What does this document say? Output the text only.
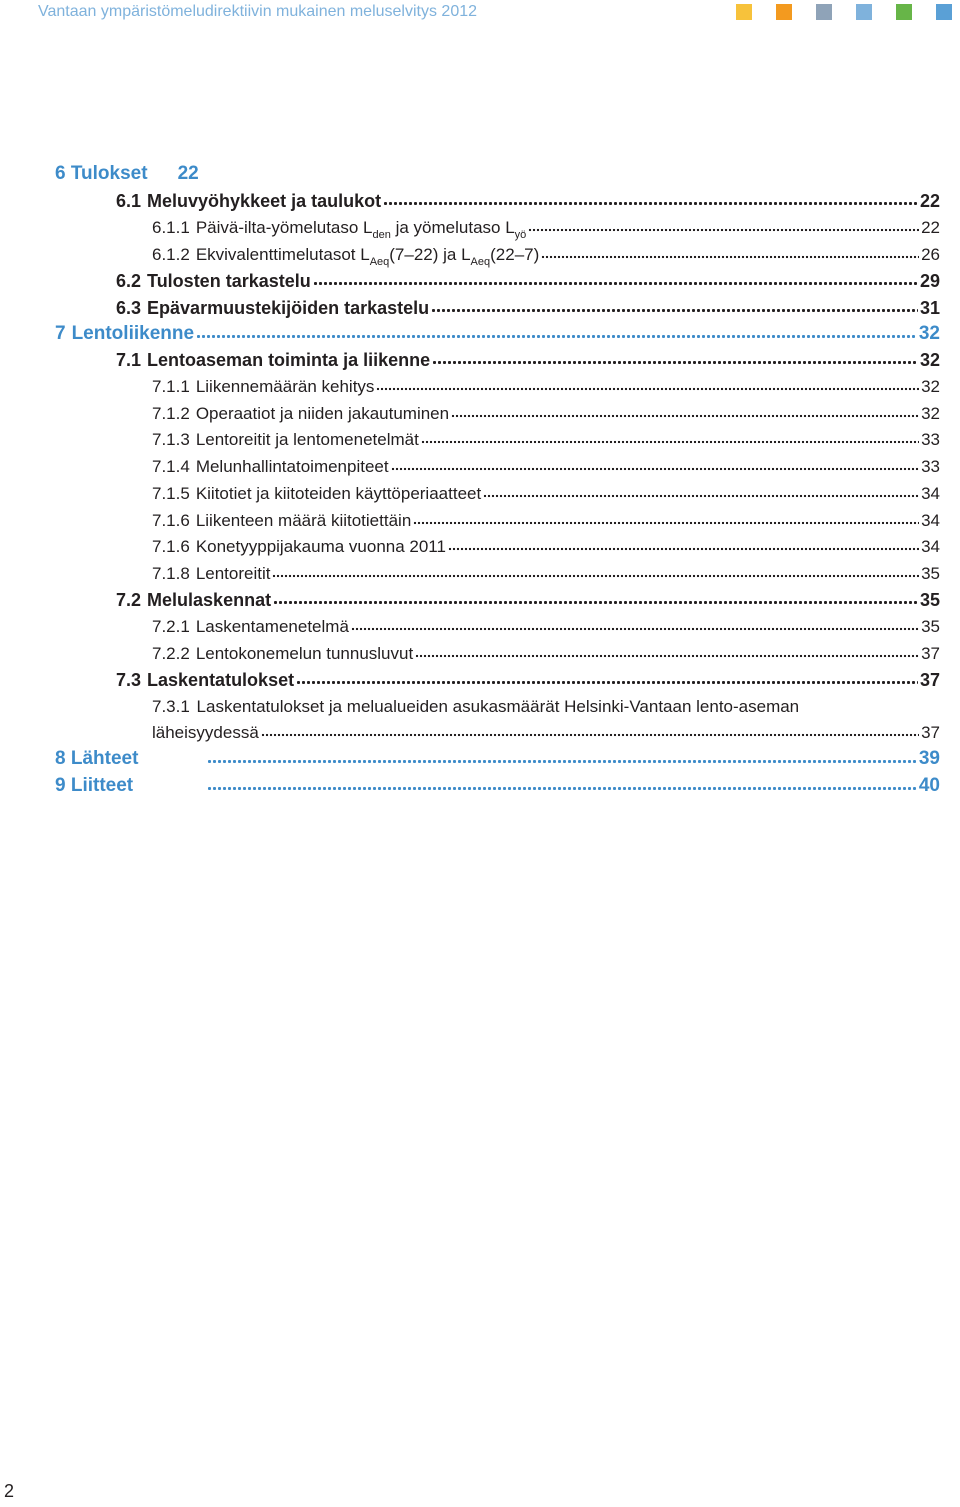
Vantaan ympäristömeludirektiivin mukainen meluselvitys 2012
6 Tulokset 22
6.1 Meluvyöhykkeet ja taulukot	22
6.1.1 Päivä-ilta-yömelutaso $L_{den}$ ja yömelutaso $L_{yö}$	22
6.1.2 Ekvivalenttimelutasot $L_{Aeq}(7-22)$ ja $L_{Aeq}(22-7)$	26
6.2 Tulosten tarkastelu	29
6.3 Epävarmuustekijöiden tarkastelu	31
7 Lentoliikenne	32
7.1 Lentoaseman toiminta ja liikenne	32
7.1.1 Liikennemäärän kehitys	32
7.1.2 Operaatiot ja niiden jakautuminen	32
7.1.3 Lentoreitit ja lentomenetelmät	33
7.1.4 Melunhallintatoimenpiteet	33
7.1.5 Kiitotiet ja kiitoteiden käyttöperiaatteet	34
7.1.6 Liikenteen määrä kiitotiettäin	34
7.1.6 Konetyyppijakauma vuonna 2011	34
7.1.8 Lentoreitit	35
7.2 Melulaskennat	35
7.2.1 Laskentamenetelmä	35
7.2.2 Lentokonemelun tunnusluvut	37
7.3 Laskentatulokset	37
7.3.1 Laskentatulokset ja melualueiden asukasmäärät Helsinki-Vantaan lento-aseman
läheisyydessä	37
8 Lähteet	39
9 Liitteet	40
2
